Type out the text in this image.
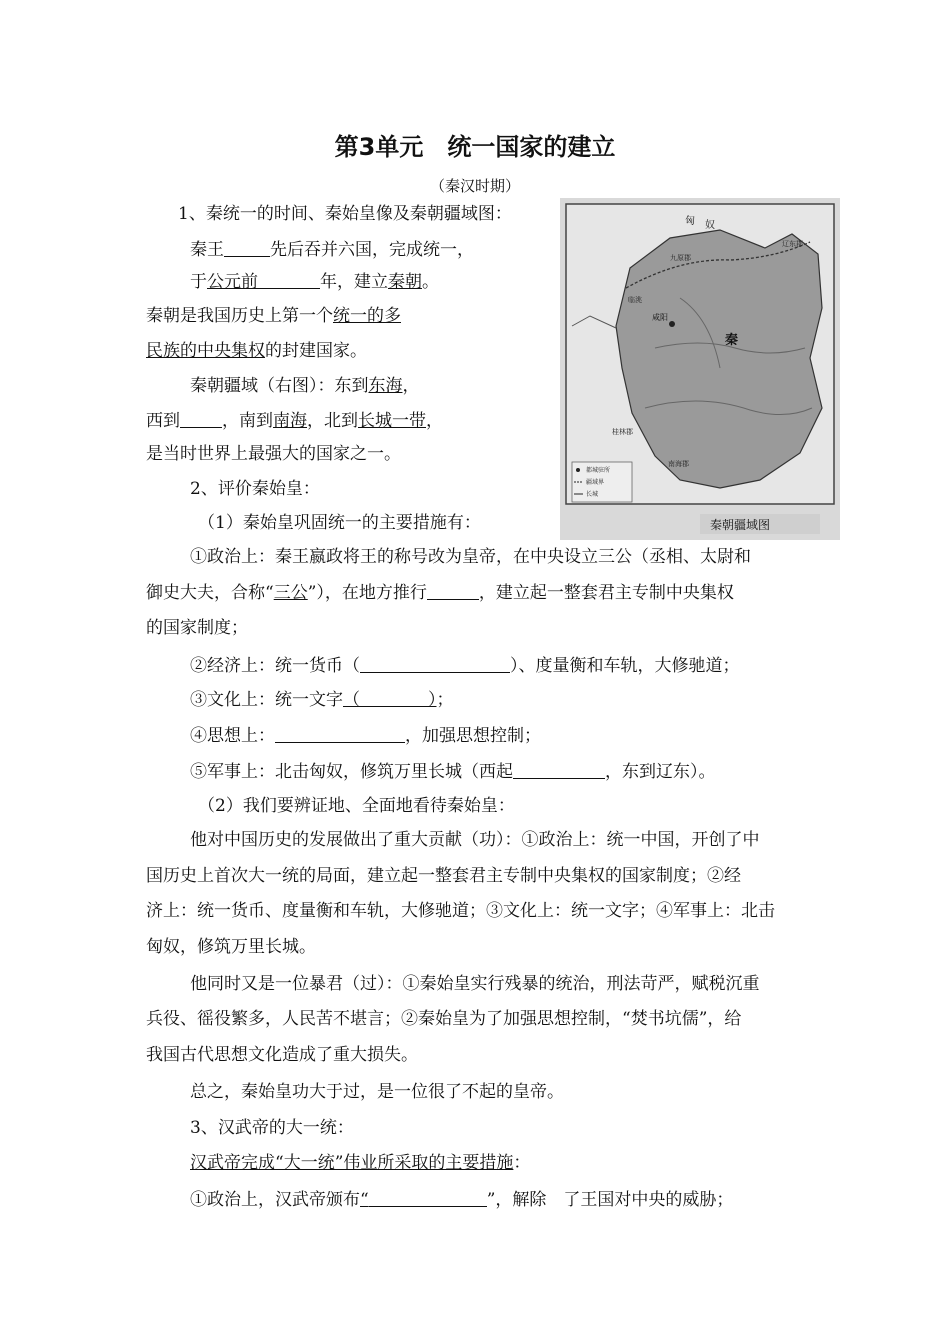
第3单元　统一国家的建立
（秦汉时期）
1、秦统一的时间、秦始皇像及秦朝疆域图：
秦王	先后吞并六国，完成统一，
于公元前	年，建立秦朝。
秦朝是我国历史上第一个统一的多
民族的中央集权的封建国家。
秦朝疆域（右图）：东到东海，
西到 ，南到南海，北到长城一带，
是当时世界上最强大的国家之一。
匈 奴
辽东郡
九原郡
临洮
咸阳
秦
桂林郡
南海郡
都城驻所
疆域界
长城
秦朝疆域图
2、评价秦始皇：
（1）秦始皇巩固统一的主要措施有：
①政治上：秦王嬴政将王的称号改为皇帝，在中央设立三公（丞相、太尉和
御史大夫，合称“三公”），在地方推行	，建立起一整套君主专制中央集权
的国家制度；
②经济上：统一货币（	）、度量衡和车轨，大修驰道；
③文化上：统一文字（　　　　）；
④思想上：	，加强思想控制；
⑤军事上：北击匈奴，修筑万里长城（西起	，东到辽东）。
（2）我们要辨证地、全面地看待秦始皇：
他对中国历史的发展做出了重大贡献（功）：①政治上：统一中国，开创了中
国历史上首次大一统的局面，建立起一整套君主专制中央集权的国家制度；②经
济上：统一货币、度量衡和车轨，大修驰道；③文化上：统一文字；④军事上：北击
匈奴，修筑万里长城。
他同时又是一位暴君（过）：①秦始皇实行残暴的统治，刑法苛严，赋税沉重
兵役、徭役繁多，人民苦不堪言；②秦始皇为了加强思想控制，“焚书坑儒”，给
我国古代思想文化造成了重大损失。
总之，秦始皇功大于过，是一位很了不起的皇帝。
3、汉武帝的大一统：
汉武帝完成“大一统”伟业所采取的主要措施：
①政治上，汉武帝颁布“	”，解除　了王国对中央的威胁；
